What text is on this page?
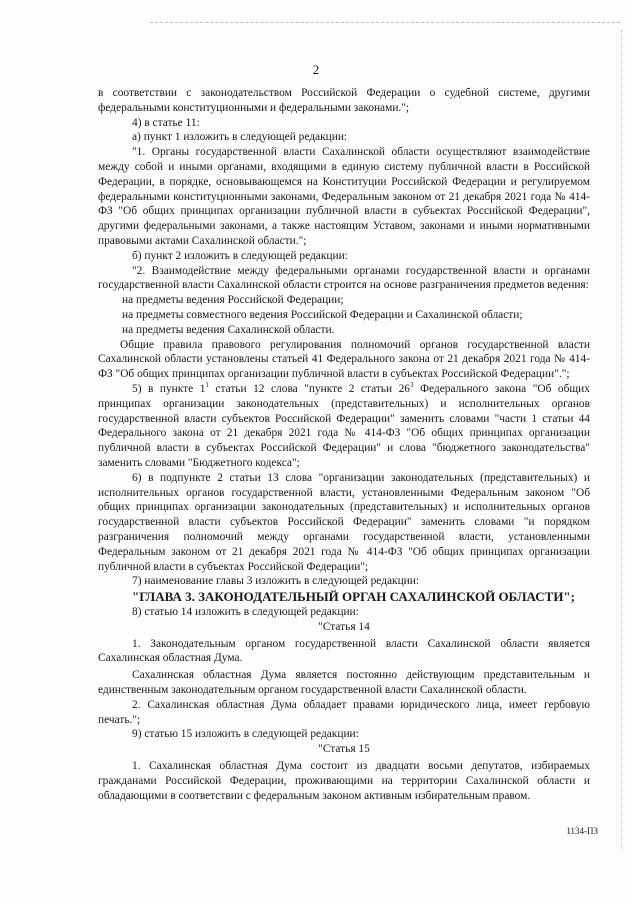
2

в соответствии с законодательством Российской Федерации о судебной системе, другими федеральными конституционными и федеральными законами.";

4) в статье 11:

а) пункт 1 изложить в следующей редакции:

"1. Органы государственной власти Сахалинской области осуществляют взаимодействие между собой и иными органами, входящими в единую систему публичной власти в Российской Федерации, в порядке, основывающемся на Конституции Российской Федерации и регулируемом федеральными конституционными законами, Федеральным законом от 21 декабря 2021 года № 414-ФЗ "Об общих принципах организации публичной власти в субъектах Российской Федерации", другими федеральными законами, а также настоящим Уставом, законами и иными нормативными правовыми актами Сахалинской области.";

б) пункт 2 изложить в следующей редакции:

"2. Взаимодействие между федеральными органами государственной власти и органами государственной власти Сахалинской области строится на основе разграничения предметов ведения:

на предметы ведения Российской Федерации;

на предметы совместного ведения Российской Федерации и Сахалинской области;

на предметы ведения Сахалинской области.

Общие правила правового регулирования полномочий органов государственной власти Сахалинской области установлены статьей 41 Федерального закона от 21 декабря 2021 года № 414-ФЗ "Об общих принципах организации публичной власти в субъектах Российской Федерации".";

5) в пункте $1^1$ статьи 12 слова "пункте 2 статьи $26^3$ Федерального закона "Об общих принципах организации законодательных (представительных) и исполнительных органов государственной власти субъектов Российской Федерации" заменить словами "части 1 статьи 44 Федерального закона от 21 декабря 2021 года № 414-ФЗ "Об общих принципах организации публичной власти в субъектах Российской Федерации" и слова "бюджетного законодательства" заменить словами "Бюджетного кодекса";

6) в подпункте 2 статьи 13 слова "организации законодательных (представительных) и исполнительных органов государственной власти, установленными Федеральным законом "Об общих принципах организации законодательных (представительных) и исполнительных органов государственной власти субъектов Российской Федерации" заменить словами "и порядком разграничения полномочий между органами государственной власти, установленными Федеральным законом от 21 декабря 2021 года № 414-ФЗ "Об общих принципах организации публичной власти в субъектах Российской Федерации";

7) наименование главы 3 изложить в следующей редакции:

"ГЛАВА 3. ЗАКОНОДАТЕЛЬНЫЙ ОРГАН САХАЛИНСКОЙ ОБЛАСТИ";

8) статью 14 изложить в следующей редакции:

"Статья 14

1. Законодательным органом государственной власти Сахалинской области является Сахалинская областная Дума.

Сахалинская областная Дума является постоянно действующим представительным и единственным законодательным органом государственной власти Сахалинской области.

2. Сахалинская областная Дума обладает правами юридического лица, имеет гербовую печать.";

9) статью 15 изложить в следующей редакции:

"Статья 15

1. Сахалинская областная Дума состоит из двадцати восьми депутатов, избираемых гражданами Российской Федерации, проживающими на территории Сахалинской области и обладающими в соответствии с федеральным законом активным избирательным правом.

1134-ПЗ
